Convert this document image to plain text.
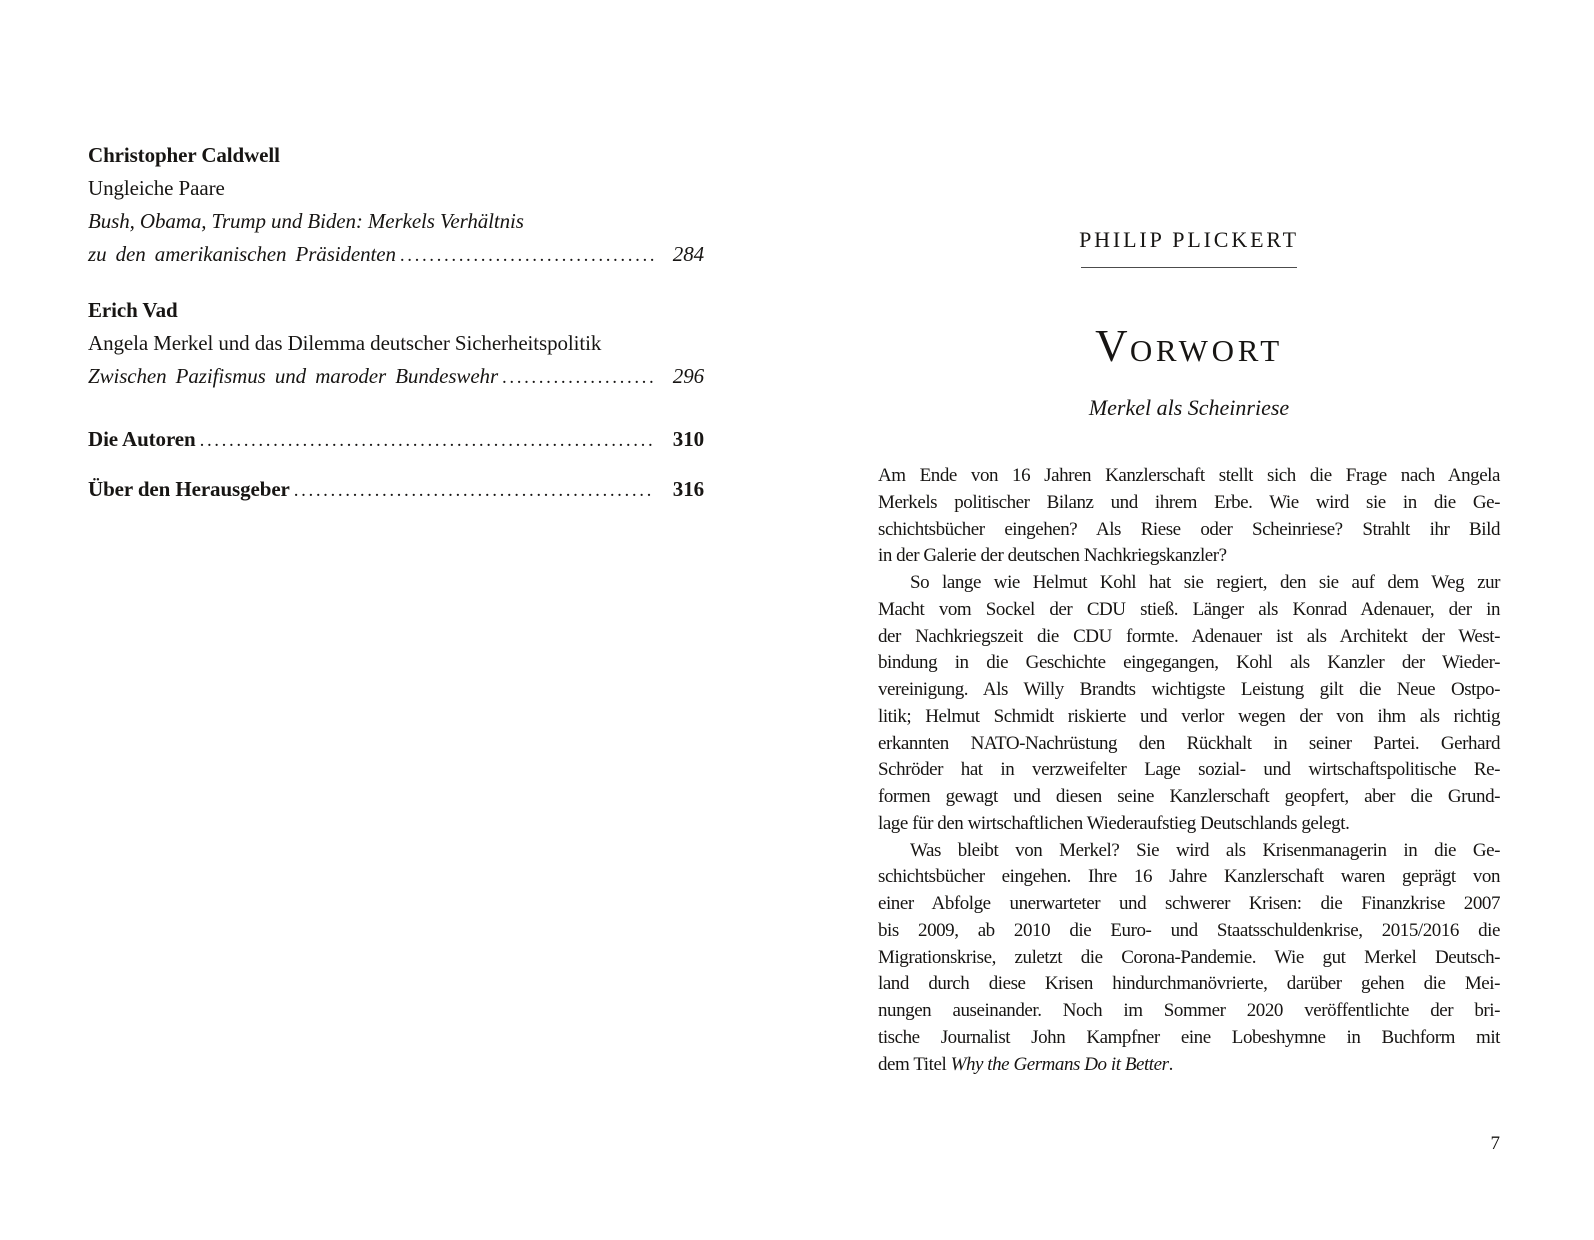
Christopher Caldwell
Ungleiche Paare
Bush, Obama, Trump und Biden: Merkels Verhältnis
zu den amerikanischen Präsidenten .....	284
Erich Vad
Angela Merkel und das Dilemma deutscher Sicherheitspolitik
Zwischen Pazifismus und maroder Bundeswehr .....	296
Die Autoren .....	310
Über den Herausgeber .....	316
PHILIP PLICKERT
VORWORT
Merkel als Scheinriese
Am Ende von 16 Jahren Kanzlerschaft stellt sich die Frage nach Angela
Merkels politischer Bilanz und ihrem Erbe. Wie wird sie in die Ge-
schichtsbücher eingehen? Als Riese oder Scheinriese? Strahlt ihr Bild
in der Galerie der deutschen Nachkriegskanzler?
So lange wie Helmut Kohl hat sie regiert, den sie auf dem Weg zur
Macht vom Sockel der CDU stieß. Länger als Konrad Adenauer, der in
der Nachkriegszeit die CDU formte. Adenauer ist als Architekt der West-
bindung in die Geschichte eingegangen, Kohl als Kanzler der Wieder-
vereinigung. Als Willy Brandts wichtigste Leistung gilt die Neue Ostpo-
litik; Helmut Schmidt riskierte und verlor wegen der von ihm als richtig
erkannten NATO-Nachrüstung den Rückhalt in seiner Partei. Gerhard
Schröder hat in verzweifelter Lage sozial- und wirtschaftspolitische Re-
formen gewagt und diesen seine Kanzlerschaft geopfert, aber die Grund-
lage für den wirtschaftlichen Wiederaufstieg Deutschlands gelegt.
Was bleibt von Merkel? Sie wird als Krisenmanagerin in die Ge-
schichtsbücher eingehen. Ihre 16 Jahre Kanzlerschaft waren geprägt von
einer Abfolge unerwarteter und schwerer Krisen: die Finanzkrise 2007
bis 2009, ab 2010 die Euro- und Staatsschuldenkrise, 2015/2016 die
Migrationskrise, zuletzt die Corona-Pandemie. Wie gut Merkel Deutsch-
land durch diese Krisen hindurchmanövrierte, darüber gehen die Mei-
nungen auseinander. Noch im Sommer 2020 veröffentlichte der bri-
tische Journalist John Kampfner eine Lobeshymne in Buchform mit
dem Titel Why the Germans Do it Better.
7
